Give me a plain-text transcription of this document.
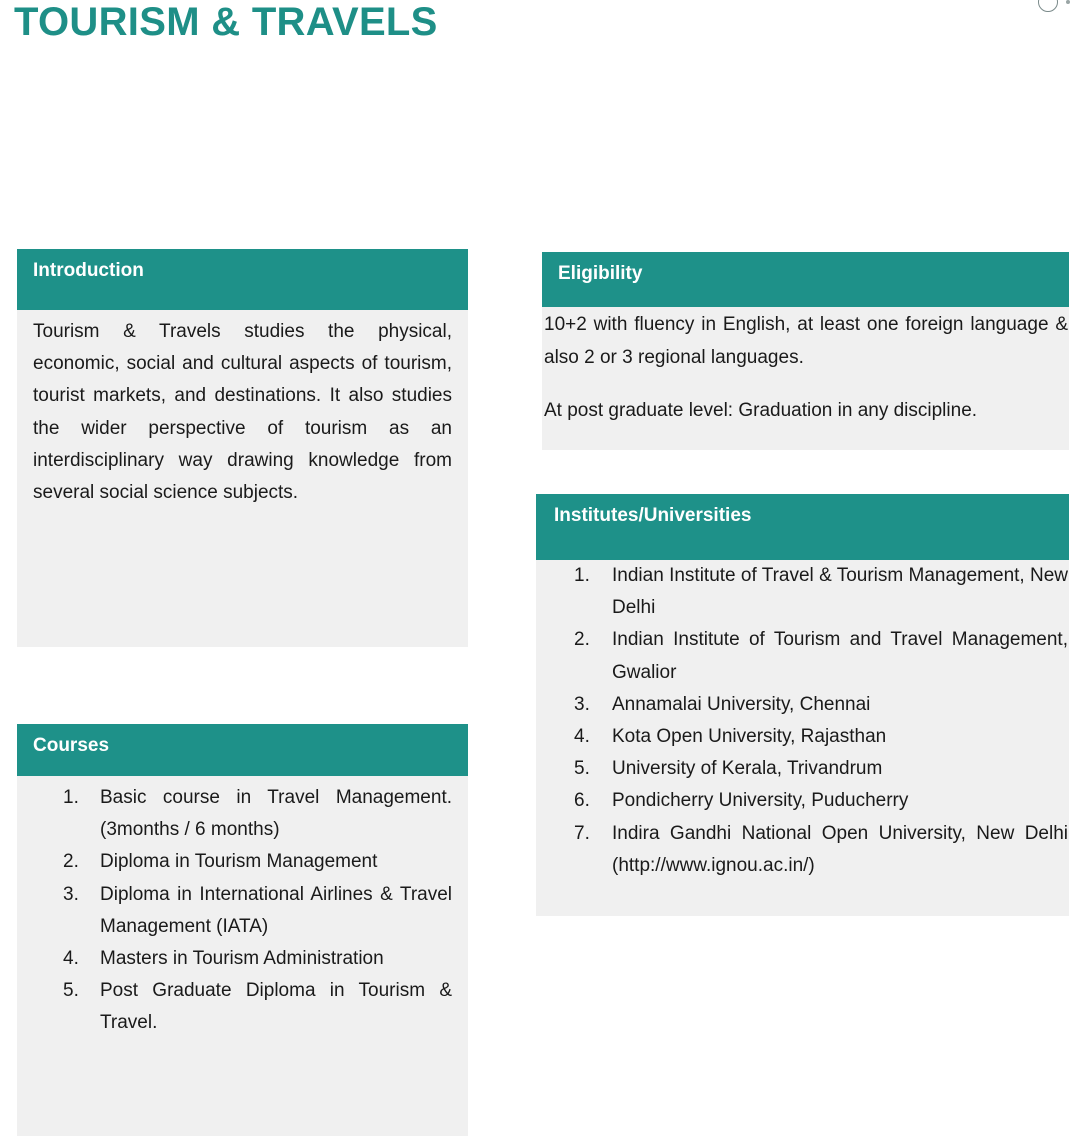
TOURISM & TRAVELS
Introduction
Tourism & Travels studies the physical, economic, social and cultural aspects of tourism, tourist markets, and destinations. It also studies the wider perspective of tourism as an interdisciplinary way drawing knowledge from several social science subjects.
Courses
1. Basic course in Travel Management. (3months / 6 months)
2. Diploma in Tourism Management
3. Diploma in International Airlines & Travel Management (IATA)
4. Masters in Tourism Administration
5. Post Graduate Diploma in Tourism & Travel.
Eligibility

10+2 with fluency in English, at least one foreign language & also 2 or 3 regional languages.

At post graduate level: Graduation in any discipline.

Institutes/Universities
1. Indian Institute of Travel & Tourism Management, New Delhi
2. Indian Institute of Tourism and Travel Management, Gwalior
3. Annamalai University, Chennai
4. Kota Open University, Rajasthan
5. University of Kerala, Trivandrum
6. Pondicherry University, Puducherry
7. Indira Gandhi National Open University, New Delhi (http://www.ignou.ac.in/)
